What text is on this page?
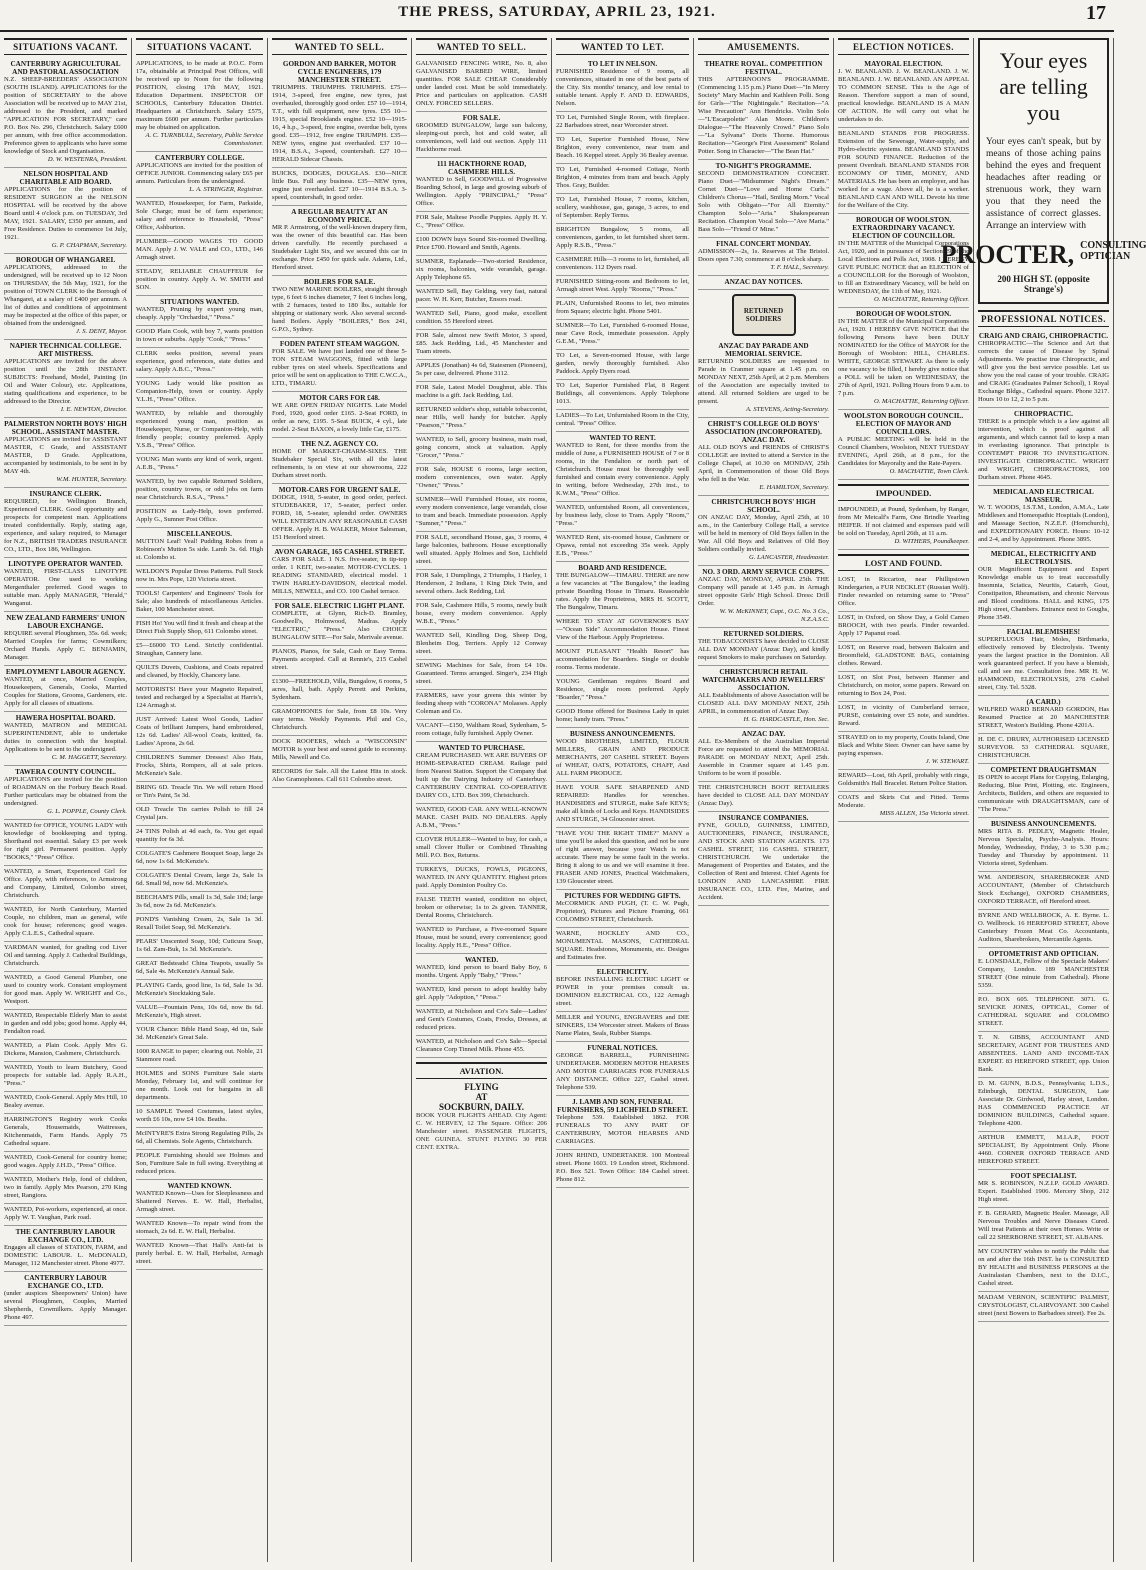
THE PRESS, SATURDAY, APRIL 23, 1921.	17
SITUATIONS VACANT.
CANTERBURY AGRICULTURAL AND PASTORAL ASSOCIATION
N.Z. SHEEP-BREEDERS' ASSOCIATION (SOUTH ISLAND). APPLICATIONS for the position of SECRETARY to the above Association will be received up to MAY 21st, addressed to the President, and marked "APPLICATION FOR SECRETARY," care P.O. Box No. 296, Christchurch. Salary £600 per annum, with free office accommodation. Preference given to applicants who have some knowledge of Stock and Organisation.
D. W. WESTENRA, President.
NELSON HOSPITAL AND CHARITABLE AID BOARD.
APPLICATIONS for the position of RESIDENT SURGEON at the NELSON HOSPITAL will be received by the above Board until 4 o'clock p.m. on TUESDAY, 3rd MAY, 1921. SALARY, £350 per annum, and Free Residence. Duties to commence 1st July, 1921.
G. P. CHAPMAN, Secretary.
BOROUGH OF WHANGAREI.
APPLICATIONS, addressed to the undersigned, will be received up to 12 Noon on THURSDAY, the 5th May, 1921, for the position of TOWN CLERK to the Borough of Whangarei, at a salary of £400 per annum. A list of duties and conditions of appointment may be inspected at the office of this paper, or obtained from the undersigned.
J. S. DENT, Mayor.
NAPIER TECHNICAL COLLEGE. ART MISTRESS.
APPLICATIONS are invited for the above position until the 28th INSTANT. SUBJECTS: Freehand, Model, Painting (in Oil and Water Colour), etc. Applications, stating qualifications and experience, to be addressed to the Director.
I. E. NEWTON, Director.
PALMERSTON NORTH BOYS' HIGH SCHOOL. ASSISTANT MASTER.
APPLICATIONS are invited for ASSISTANT MASTER, C Grade, and ASSISTANT MASTER, D Grade. Applications, accompanied by testimonials, to be sent in by MAY 4th.
W.M. HUNTER, Secretary.
INSURANCE CLERK.
REQUIRED, for Wellington Branch, Experienced CLERK. Good opportunity and prospects for competent man. Applications treated confidentially. Reply, stating age, experience, and salary required, to Manager for N.Z., BRITISH TRADERS INSURANCE CO., LTD., Box 186, Wellington.
LINOTYPE OPERATOR WANTED.
WANTED, FIRST-CLASS LINOTYPE OPERATOR. One used to working Mergenthaler preferred. Good wages to suitable man. Apply MANAGER, "Herald," Wanganui.
NEW ZEALAND FARMERS' UNION LABOUR EXCHANGE.
REQUIRE several Ploughmen, 35s. 6d. week; Married Couples for farms; Cowmilkers; Orchard Hands. Apply C. BENJAMIN, Manager.
EMPLOYMENT LABOUR AGENCY.
WANTED, at once, Married Couples, Housekeepers, Generals, Cooks, Married Couples for Stations, Grooms, Gardeners, etc. Apply for all classes of situations.
HAWERA HOSPITAL BOARD.
WANTED, MATRON and MEDICAL SUPERINTENDENT, able to undertake duties in connection with the hospital. Applications to be sent to the undersigned.
C. M. HAGGETT, Secretary.
TAWERA COUNTY COUNCIL.
APPLICATIONS are invited for the position of ROADMAN on the Forbury Beach Road. Further particulars may be obtained from the undersigned.
G. L. POPPLE, County Clerk.
WANTED for OFFICE, YOUNG LADY with knowledge of bookkeeping and typing. Shorthand not essential. Salary £3 per week for right girl. Permanent position. Apply "BOOKS," "Press" Office.
WANTED, a Smart, Experienced Girl for Office. Apply, with references, to Armstrong and Company, Limited, Colombo street, Christchurch.
WANTED, for North Canterbury, Married Couple, no children, man as general, wife cook for house; references; good wages. Apply C.L.E.S., Cathedral square.
YARDMAN wanted, for grading cod Liver Oil and tanning. Apply J. Cathedral Buildings, Christchurch.
WANTED, a Good General Plumber, one used to country work. Constant employment for good man. Apply W. WRIGHT and Co., Westport.
WANTED, Respectable Elderly Man to assist in garden and odd jobs; good home. Apply 44, Fendalton road.
WANTED, a Plain Cook. Apply Mrs G. Dickens, Mansion, Cashmere, Christchurch.
WANTED, Youth to learn Butchery, Good prospects for suitable lad. Apply R.A.H., "Press."
WANTED, Cook-General. Apply Mrs Hill, 10 Bealey avenue.
HARRINGTON'S Registry work Cooks Generals, Housemaids, Waitresses, Kitchenmaids, Farm Hands. Apply 75 Cathedral square.
WANTED, Cook-General for country home; good wages. Apply J.H.D., "Press" Office.
WANTED, Mother's Help, fond of children, two in family. Apply Mrs Pearson, 270 King street, Rangiora.
WANTED, Pot-workers, experienced, at once. Apply W. T. Vaughan, Park road.
THE CANTERBURY LABOUR EXCHANGE CO., LTD.
Engages all classes of STATION, FARM, and DOMESTIC LABOUR. L. McDONALD, Manager, 112 Manchester street. Phone 4977.
CANTERBURY LABOUR EXCHANGE CO., LTD.
(under auspices Sheepowners' Union) have several Ploughmen, Couples, Married Shepherds, Cowmilkers. Apply Manager. Phone 497.
SITUATIONS VACANT.
APPLICATIONS, to be made at P.O.C. Form 17a, obtainable at Principal Post Offices, will be received up to Noon for the following POSITION, closing 17th MAY, 1921. Education Department. INSPECTOR OF SCHOOLS, Canterbury Education District. Headquarters at Christchurch. Salary £575, maximum £600 per annum. Further particulars may be obtained on application.
A. C. TURNBULL, Secretary, Public Service Commissioner.
CANTERBURY COLLEGE.
APPLICATIONS are invited for the position of OFFICE JUNIOR. Commencing salary £65 per annum. Particulars from the undersigned.
L. A. STRINGER, Registrar.
WANTED, Housekeeper, for Farm, Parkside, Sole Charge; must be of farm experience; salary and reference to Household, "Press" Office, Ashburton.
PLUMBER—GOOD WAGES TO GOOD MAN. Apply J. W. VALE and CO., LTD., 146 Armagh street.
STEADY, RELIABLE CHAUFFEUR for position in country. Apply A. W. SMITH and SON.
SITUATIONS WANTED.
WANTED, Pruning by expert young man, cheaply. Apply "Orchardist," "Press."
GOOD Plain Cook, with boy 7, wants position in town or suburbs. Apply "Cook," "Press."
CLERK seeks position, several years experience, good references, state duties and salary. Apply A.B.C., "Press."
YOUNG Lady would like position as Companion-Help, town or country. Apply Y.L.H., "Press" Office.
WANTED, by reliable and thoroughly experienced young man, position as Housekeeper, Nurse, or Companion-Help, with friendly people; country preferred. Apply Y.S.B., "Press" Office.
YOUNG Man wants any kind of work, urgent. A.E.B., "Press."
WANTED, by two capable Returned Soldiers, position, country towns, or odd jobs on farm near Christchurch. R.S.A., "Press."
POSITION as Lady-Help, town preferred. Apply G., Sumner Post Office.
MISCELLANEOUS.
MUTTON Leaf! Veal! Pudding Robes from a Robinson's Mutton 5s side. Lamb 3s. 6d. High st. Colombo st.
WELDON'S Popular Dress Patterns. Full Stock now in. Mrs Pope, 120 Victoria street.
TOOLS! Carpenters' and Engineers' Tools for Sale; also hundreds of miscellaneous Articles. Baker, 100 Manchester street.
FISH Ho! You will find it fresh and cheap at the Direct Fish Supply Shop, 611 Colombo street.
£5—£6000 TO Lend. Strictly confidential. Straughan, Cannery lane.
QUILTS Duvets, Cushions, and Coats repaired and cleaned, by Hockly, Chancery lane.
MOTORISTS! Have your Magneto Repaired, tested and recharged by a Specialist at Harris's, 124 Armagh st.
JUST Arrived: Latest Wool Goods, Ladies' Coats of brilliant Jumpers, hand embroidered, 12s 6d. Ladies' All-wool Coats, knitted, 6s. Ladies' Aprons, 2s 6d.
CHILDREN'S Summer Dresses! Also Hats, Frocks, Shirts, Rompers, all at sale prices. McKenzie's Sale.
BRING 6D. Treacle Tin. We will return Hood or Tin's Paint, 5s 3d.
OLD Treacle Tin carries Polish to fill 24 Crystal jars.
24 TINS Polish at 4d each, 6s. You get equal quantity for 6s 3d.
COLGATE'S Cashmere Bouquet Soap, large 2s 6d, now 1s 6d. McKenzie's.
COLGATE'S Dental Cream, large 2s, Sale 1s 6d. Small 9d, now 6d. McKenzie's.
BEECHAM'S Pills, small 1s 3d, Sale 10d; large 3s 6d, now 2s 6d. McKenzie's.
POND'S Vanishing Cream, 2s, Sale 1s 3d. Rexall Toilet Soap, 9d. McKenzie's.
PEARS' Unscented Soap, 10d; Cuticura Soap, 1s 6d. Zam-Buk, 1s 3d. McKenzie's.
GREAT Bedsteads! China Teapots, usually 5s 6d, Sale 4s. McKenzie's Annual Sale.
PLAYING Cards, good line, 1s 6d, Sale 1s 3d. McKenzie's Stocktaking Sale.
VALUE—Fountain Pens, 10s 6d, now 8s 6d. McKenzie's, High street.
YOUR Chance: Bible Hand Soap, 4d tin, Sale 3d. McKenzie's Great Sale.
1000 RANGE to paper; clearing out. Noble, 21 Stanmore road.
HOLMES and SONS Furniture Sale starts Monday, February 1st, and will continue for one month. Look out for bargains in all departments.
10 SAMPLE Tweed Costumes, latest styles, worth £6 10s, now £4 10s. Beaths.
McINTYRE'S Extra Strong Regulating Pills, 2s 6d, all Chemists. Sole Agents, Christchurch.
PEOPLE Furnishing should see Holmes and Son, Furniture Sale in full swing. Everything at reduced prices.
WANTED KNOWN.
WANTED Known—Uses for Sleeplessness and Shattered Nerves. E. W. Hall, Herbalist, Armagh street.
WANTED Known—To repair wind from the stomach, 2s 6d. E. W. Hall, Herbalist.
WANTED Known—That Hall's Anti-fat is purely herbal. E. W. Hall, Herbalist, Armagh street.
WANTED TO SELL.
GORDON AND BARKER, MOTOR CYCLE ENGINEERS, 179 MANCHESTER STREET.
TRIUMPHS. TRIUMPHS. TRIUMPHS. £75—1914, 3-speed, free engine, new tyres, just overhauled, thoroughly good order. £57 10—1914, T.T., with full equipment, new tyres. £55 10—1915, special Brooklands engine. £52 10—1915-16, 4 h.p., 3-speed, free engine, overdue belt, tyres good. £35—1912, free engine TRIUMPH. £35—NEW tyres, engine just overhauled. £37 10—1914, B.S.A., 3-speed, countershaft. £27 10—HERALD Sidecar Chassis.
BUICKS, DODGES, DOUGLAS. £30—NICE little Bus. Full any business. £35—NEW tyres, engine just overhauled. £27 10—1914 B.S.A. 3-speed, countershaft, in good order.
A REGULAR BEAUTY AT AN ECONOMY PRICE.
MR P. Armstrong, of the well-known drapery firm, was the owner of this beautiful car. Has been driven carefully. He recently purchased a Studebaker Light Six, and we secured this car in exchange. Price £450 for quick sale. Adams, Ltd., Hereford street.
BOILERS FOR SALE.
TWO NEW MARINE BOILERS, straight through type, 6 feet 6 inches diameter, 7 feet 6 inches long, with 2 furnaces, tested to 180 lbs., suitable for shipping or stationary work. Also several second-hand Boilers. Apply "BOILERS," Box 241, G.P.O., Sydney.
FODEN PATENT STEAM WAGGON.
FOR SALE. We have just landed one of these 5-TON STEAM WAGGONS, fitted with large rubber tyres on steel wheels. Specifications and price will be sent on application to THE C.W.C.A., LTD., TIMARU.
MOTOR CARS FOR £48.
WE ARE OPEN FRIDAY NIGHTS. Late Model Ford, 1920, good order £165. 2-Seat FORD, in order as new, £195. 5-Seat BUICK, 4 cyl., late model. 2-Seat BAXON, a lovely little Car, £175.
THE N.Z. AGENCY CO.
HOME OF MARKET-CHARM-SIXES. THE Studebaker Special Six, with all the latest refinements, is on view at our showrooms, 222 Durham street north.
MOTOR-CARS FOR URGENT SALE.
DODGE, 1918, 5-seater, in good order, perfect. STUDEBAKER, 17, 5-seater, perfect order. FORD, 18, 5-seater, splendid order. OWNERS WILL ENTERTAIN ANY REASONABLE CASH OFFER. Apply H. B. WALKER, Motor Salesman, 151 Hereford street.
AVON GARAGE, 165 CASHEL STREET.
CARS FOR SALE. 1 N.S. five-seater, in tip-top order. 1 KEIT, two-seater. MOTOR-CYCLES. 1 READING STANDARD, electrical model. 1 TWIN HARLEY-DAVIDSON, electrical model. MILLS, NEWELL, and CO. 100 Cashel terrace.
FOR SALE. ELECTRIC LIGHT PLANT.
COMPLETE, at Glynn, Rich-D. Bramley, Goodwell's, Holmwood, Madras. Apply "ELECTRIC," "Press." Also CHOICE BUNGALOW SITE—For Sale, Merivale avenue.
PIANOS, Pianos, for Sale, Cash or Easy Terms. Payments accepted. Call at Rennie's, 215 Cashel street.
£1300—FREEHOLD, Villa, Bungalow, 6 rooms, 5 acres, hall, bath. Apply Perrett and Perkins, Sydenham.
GRAMOPHONES for Sale, from £8 10s. Very easy terms. Weekly Payments. Phil and Co., Christchurch.
DOCK ROOFERS, which a "WISCONSIN" MOTOR is your best and surest guide to economy. Mills, Newell and Co.
RECORDS for Sale. All the Latest Hits in stock. Also Gramophones. Call 611 Colombo street.
WANTED TO SELL.
GALVANISED FENCING WIRE, No. 8, also GALVANISED BARBED WIRE, limited quantities. FOR SALE CHEAP. Considerably under landed cost. Must be sold immediately. Price and particulars on application. CASH ONLY. FORCED SELLERS.
FOR SALE.
6ROOMED BUNGALOW, large sun balcony, sleeping-out porch, hot and cold water, all conveniences, well laid out section. Apply 111 Hackthorne road.
111 HACKTHORNE ROAD, CASHMERE HILLS.
WANTED to Sell, GOODWILL of Progressive Boarding School, in large and growing suburb of Wellington. Apply "PRINCIPAL," "Press" Office.
FOR Sale, Maltese Poodle Puppies. Apply H. Y. C., "Press" Office.
£100 DOWN buys Sound Six-roomed Dwelling. Price £700. Howard and Smith, Agents.
SUMNER, Esplanade—Two-storied Residence, six rooms, balconies, wide verandah, garage. Apply Telephone 65.
WANTED Sell, Bay Gelding, very fast, natural pacer. W. H. Kerr, Butcher, Ensors road.
WANTED Sell, Piano, good make, excellent condition. 55 Hereford street.
FOR Sale, almost new Swift Motor, 3 speed, £85. Jack Redding, Ltd., 45 Manchester and Tuam streets.
APPLES (Jonathan) 4s 6d, Statesmen (Pioneers), 5s per case, delivered. Phone 3112.
FOR Sale, Latest Model Doughnut, able. This machine is a gift. Jack Redding, Ltd.
RETURNED soldier's shop, suitable tobacconist, near Hills, well handy for butcher. Apply "Pearson," "Press."
WANTED, to Sell, grocery business, main road, going concern, stock at valuation. Apply "Grocer," "Press."
FOR Sale, HOUSE 6 rooms, large section, modern conveniences, own water. Apply "Owner," "Press."
SUMNER—Well Furnished House, six rooms, every modern convenience, large verandah, close to tram and beach. Immediate possession. Apply "Sumner," "Press."
FOR SALE, secondhand House, gas, 3 rooms, 4 large balconies, bathroom. House exceptionally well situated. Apply Holmes and Son, Lichfield street.
FOR Sale, 1 Dumplings, 2 Triumphs, 1 Harley, 1 Henderson, 2 Indians, 1 King Dick Twin, and several others. Jack Redding, Ltd.
FOR Sale, Cashmere Hills, 5 rooms, newly built house, every modern convenience. Apply W.B.E., "Press."
WANTED Sell, Kindling Dog, Sheep Dog, Blenheim Dog, Terriers. Apply 12 Conway street.
SEWING Machines for Sale, from £4 10s. Guaranteed. Terms arranged. Singer's, 234 High street.
FARMERS, save your greens this winter by feeding sheep with "CORONA" Molasses. Apply Coleman and Co.
VACANT—£150, Waltham Road, Sydenham, 5-room cottage, fully furnished. Apply Owner.
WANTED TO PURCHASE.
CREAM PURCHASED. WE ARE BUYERS OF HOME-SEPARATED CREAM. Railage paid from Nearest Station. Support the Company that built up the Dairying Industry of Canterbury. CANTERBURY CENTRAL CO-OPERATIVE DAIRY CO., LTD. Box 399, Christchurch.
WANTED, GOOD CAR. ANY WELL-KNOWN MAKE. CASH PAID. NO DEALERS. Apply A.B.M., "Press."
CLOVER HULLER—Wanted to buy, for cash, a small Clover Huller or Combined Thrashing Mill. P.O. Box, Returns.
TURKEYS, DUCKS, FOWLS, PIGEONS, WANTED. IN ANY QUANTITY. Highest prices paid. Apply Dominion Poultry Co.
FALSE TEETH wanted, condition no object, broken or otherwise; 1s to 2s given. TANNER, Dental Rooms, Christchurch.
WANTED to Purchase, a Five-roomed Square House, must be sound, every convenience; good locality. Apply H.E., "Press" Office.
WANTED.
WANTED, kind person to board Baby Boy, 6 months. Urgent. Apply "Baby," "Press."
WANTED, kind person to adopt healthy baby girl. Apply "Adoption," "Press."
WANTED, at Nicholson and Co's Sale—Ladies' and Gent's Costumes, Coats, Frocks, Dresses, at reduced prices.
WANTED, at Nicholson and Co's Sale—Special Clearance Corp Tinned Milk. Phone 455.
AVIATION.
FLYING
AT
SOCKBURN, DAILY.
BOOK YOUR FLIGHTS AHEAD. City Agent: C. W. HERVEY, 12 The Square. Office: 206 Manchester street. PASSENGER FLIGHTS, ONE GUINEA. STUNT FLYING 30 PER CENT. EXTRA.
WANTED TO LET.
TO LET IN NELSON.
FURNISHED Residence of 9 rooms, all conveniences, situated in one of the best parts of the City. Six months' tenancy, and low rental to suitable tenant. Apply F. AND D. EDWARDS, Nelson.
TO Let, Furnished Single Room, with fireplace. 22 Barbadoes street, near Worcester street.
TO Let, Superior Furnished House, New Brighton, every convenience, near tram and Beach. 16 Keppel street. Apply 36 Bealey avenue.
TO Let, Furnished 4-roomed Cottage, North Brighton, 4 minutes from tram and beach. Apply Thos. Gray, Builder.
TO Let, Furnished House, 7 rooms, kitchen, scullery, washhouse, gas, garage, 3 acres, to end of September. Reply Terms.
BRIGHTON Bungalow, 5 rooms, all conveniences, garden, to let furnished short term. Apply R.S.B., "Press."
CASHMERE Hills—3 rooms to let, furnished, all conveniences. 112 Dyers road.
FURNISHED Sitting-room and Bedroom to let, Armagh street West. Apply "Rooms," "Press."
PLAIN, Unfurnished Rooms to let, two minutes from Square; electric light. Phone 5401.
SUMNER—To Let, Furnished 6-roomed House, near Cave Rock, immediate possession. Apply G.E.M., "Press."
TO Let, a Seven-roomed House, with large garden, newly thoroughly furnished. Also Paddock. Apply Dyers road.
TO Let, Superior Furnished Flat, 8 Regent Buildings, all conveniences. Apply Telephone 1013.
LADIES—To Let, Unfurnished Room in the City, central. "Press" Office.
WANTED TO RENT.
WANTED to Rent, for three months from the middle of June, a FURNISHED HOUSE of 7 or 8 rooms, in the Fendalton or north part of Christchurch. House must be thoroughly well furnished and contain every convenience. Apply in writing, before Wednesday, 27th inst., to K.W.M., "Press" Office.
WANTED, unfurnished Room, all conveniences, by business lady, close to Tram. Apply "Room," "Press."
WANTED Rent, six-roomed house, Cashmere or Opawa, rental not exceeding 35s week. Apply E.B., "Press."
BOARD AND RESIDENCE.
THE BUNGALOW—TIMARU. THERE are now a few vacancies at "The Bungalow," the leading private Boarding House in Timaru. Reasonable rates. Apply the Proprietress, MRS H. SCOTT, The Bungalow, Timaru.
WHERE TO STAY AT GOVERNOR'S BAY—"Ocean Side" Accommodation House. Finest View of the Harbour. Apply Proprietress.
MOUNT PLEASANT "Health Resort" has accommodation for Boarders. Single or double rooms. Terms moderate.
YOUNG Gentleman requires Board and Residence, single room preferred. Apply "Boarder," "Press."
GOOD Home offered for Business Lady in quiet home; handy tram. "Press."
BUSINESS ANNOUNCEMENTS.
WOOD BROTHERS, LIMITED, FLOUR MILLERS, GRAIN AND PRODUCE MERCHANTS, 207 CASHEL STREET. Buyers of WHEAT, OATS, POTATOES, CHAFF, And ALL FARM PRODUCE.
HAVE YOUR SAFE SHARPENED AND REPAIRED: Handles for wrenches. HANDISIDES and STURGE, make Safe KEYS; make all kinds of Locks and Keys. HANDISIDES AND STURGE, 34 Gloucester street.
"HAVE YOU THE RIGHT TIME?" MANY a time you'll be asked this question, and not be sure of right answer, because your Watch is not accurate. There may be some fault in the works. Bring it along to us and we will examine it free. FRASER AND JONES, Practical Watchmakers, 139 Gloucester street.
PICTURES FOR WEDDING GIFTS.
McCORMICK AND PUGH, (T. C. W. Pugh, Proprietor), Pictures and Picture Framing, 661 COLOMBO STREET, Christchurch.
WARNE, HOCKLEY AND CO., MONUMENTAL MASONS, CATHEDRAL SQUARE. Headstones, Monuments, etc. Designs and Estimates free.
ELECTRICITY.
BEFORE INSTALLING ELECTRIC LIGHT or POWER in your premises consult us. DOMINION ELECTRICAL CO., 122 Armagh street.
MILLER and YOUNG, ENGRAVERS and DIE SINKERS, 134 Worcester street. Makers of Brass Name Plates, Seals, Rubber Stamps.
FUNERAL NOTICES.
GEORGE BARRELL, FURNISHING UNDERTAKER. MODERN MOTOR HEARSES AND MOTOR CARRIAGES FOR FUNERALS ANY DISTANCE. Office 227, Cashel street. Telephone 539.
J. LAMB AND SON, FUNERAL FURNISHERS, 59 LICHFIELD STREET.
Telephone 539. Established 1862. FOR FUNERALS TO ANY PART OF CANTERBURY, MOTOR HEARSES AND CARRIAGES.
JOHN RHIND, UNDERTAKER. 100 Montreal street. Phone 1603. 19 London street, Richmond. P.O. Box 521. Town Office: 184 Cashel street. Phone 812.
AMUSEMENTS.
THEATRE ROYAL. COMPETITION FESTIVAL.
THIS AFTERNOON'S PROGRAMME. (Commencing 1.15 p.m.) Piano Duet—"In Merry Society" Mary Machin and Kathleen Polli. Song for Girls—"The Nightingale." Recitation—"A Wise Precaution" Ann Hendricks. Violin Solo—"L'Escarpolette" Alan Moore. Children's Dialogue—"The Heavenly Crowd." Piano Solo—"La Sylvana" Doris Thorne. Humorous Recitation—"George's First Assessment" Roland Potter. Song in Character—"The Bean Hat."
TO-NIGHT'S PROGRAMME.
SECOND DEMONSTRATION CONCERT. Piano Duet—"Midsummer Night's Dream." Cornet Duet—"Love and Home Curls." Children's Chorus—"Hail, Smiling Morn." Vocal Solo with Obligato—"For All Eternity." Champion Solo—"Aria." Shakespearean Recitation. Champion Vocal Solo—"Ave Maria." Bass Solo—"Friend O' Mine."
FINAL CONCERT MONDAY.
ADMISSION—2s, 1s. Reserves at The Bristol. Doors open 7.30; commence at 8 o'clock sharp.
T. F. HALL, Secretary.
ANZAC DAY NOTICES.
RETURNED SOLDIERS
ANZAC DAY PARADE AND MEMORIAL SERVICE.
RETURNED SOLDIERS are requested to Parade in Cranmer square at 1.45 p.m. on MONDAY NEXT, 25th April, at 2 p.m. Members of the Association are especially invited to attend. All returned Soldiers are urged to be present.
A. STEVENS, Acting-Secretary.
CHRIST'S COLLEGE OLD BOYS' ASSOCIATION (INCORPORATED). ANZAC DAY.
ALL OLD BOYS and FRIENDS of CHRIST'S COLLEGE are invited to attend a Service in the College Chapel, at 10.30 on MONDAY, 25th April, in Commemoration of those Old Boys who fell in the War.
E. HAMILTON, Secretary.
CHRISTCHURCH BOYS' HIGH SCHOOL.
ON ANZAC DAY, Monday, April 25th, at 10 a.m., in the Canterbury College Hall, a service will be held in memory of Old Boys fallen in the War. All Old Boys and Relatives of Old Boy Soldiers cordially invited.
G. LANCASTER, Headmaster.
NO. 3 ORD. ARMY SERVICE CORPS.
ANZAC DAY, MONDAY, APRIL 25th. THE Company will parade at 1.45 p.m. in Armagh street opposite Girls' High School. Dress: Drill Order.
W. W. McKINNEY, Capt., O.C. No. 3 Co., N.Z.A.S.C.
RETURNED SOLDIERS.
THE TOBACCONISTS have decided to CLOSE ALL DAY MONDAY (Anzac Day), and kindly request Smokers to make purchases on Saturday.
CHRISTCHURCH RETAIL WATCHMAKERS AND JEWELLERS' ASSOCIATION.
ALL Establishments of above Association will be CLOSED ALL DAY MONDAY NEXT, 25th APRIL, in commemoration of Anzac Day.
H. G. HARDCASTLE, Hon. Sec.
ANZAC DAY.
ALL Ex-Members of the Australian Imperial Force are requested to attend the MEMORIAL PARADE on MONDAY NEXT, April 25th. Assemble in Cranmer square at 1.45 p.m. Uniform to be worn if possible.
THE CHRISTCHURCH BOOT RETAILERS have decided to CLOSE ALL DAY MONDAY (Anzac Day).
INSURANCE COMPANIES.
FYNE, GOULD, GUINNESS, LIMITED, AUCTIONEERS, FINANCE, INSURANCE, AND STOCK AND STATION AGENTS. 173 CASHEL STREET, 116 CASHEL STREET, CHRISTCHURCH. We undertake the Management of Properties and Estates, and the Collection of Rent and Interest. Chief Agents for LONDON AND LANCASHIRE FIRE INSURANCE CO., LTD. Fire, Marine, and Accident.
ELECTION NOTICES.
MAYORAL ELECTION.
J. W. BEANLAND. J. W. BEANLAND. J. W. BEANLAND. J. W. BEANLAND. AN APPEAL TO COMMON SENSE. This is the Age of Reason. Therefore support a man of sound, practical knowledge. BEANLAND IS A MAN OF ACTION. He will carry out what he undertakes to do.
BEANLAND STANDS FOR PROGRESS. Extension of the Sewerage, Water-supply, and Hydro-electric systems. BEANLAND STANDS FOR SOUND FINANCE. Reduction of the present Overdraft. BEANLAND STANDS FOR ECONOMY OF TIME, MONEY, AND MATERIALS. He has been an employer, and has worked for a wage. Above all, he is a worker. BEANLAND CAN AND WILL Devote his time for the Welfare of the City.
BOROUGH OF WOOLSTON. EXTRAORDINARY VACANCY. ELECTION OF COUNCILLOR.
IN THE MATTER of the Municipal Corporations Act, 1920, and in pursuance of Section 29 of the Local Elections and Polls Act, 1908. I HEREBY GIVE PUBLIC NOTICE that an ELECTION of a COUNCILLOR for the Borough of Woolston, to fill an Extraordinary Vacancy, will be held on WEDNESDAY, the 11th of May, 1921.
O. MACHATTIE, Returning Officer.
BOROUGH OF WOOLSTON.
IN THE MATTER of the Municipal Corporations Act, 1920. I HEREBY GIVE NOTICE that the following Persons have been DULY NOMINATED for the Office of MAYOR for the Borough of Woolston: HILL, CHARLES. WHITE, GEORGE STEWART. As there is only one vacancy to be filled, I hereby give notice that a POLL will be taken on WEDNESDAY, the 27th of April, 1921. Polling Hours from 9 a.m. to 7 p.m.
O. MACHATTIE, Returning Officer.
WOOLSTON BOROUGH COUNCIL. ELECTION OF MAYOR AND COUNCILLORS.
A PUBLIC MEETING will be held in the Council Chambers, Woolston, NEXT TUESDAY EVENING, April 26th, at 8 p.m., for the Candidates for Mayoralty and the Rate-Payers.
O. MACHATTIE, Town Clerk.
IMPOUNDED.
IMPOUNDED, at Pound, Sydenham, by Ranger, from Mr Metcalf's Farm, One Brindle Yearling HEIFER. If not claimed and expenses paid will be sold on Tuesday, April 26th, at 11 a.m.
D. WITHERS, Poundkeeper.
LOST AND FOUND.
LOST, in Riccarton, near Phillipstown Kindergarten, a FUR NECKLET (Russian Wolf). Finder rewarded on returning same to "Press" Office.
LOST, in Oxford, on Show Day, a Gold Cameo BROOCH, with two pearls. Finder rewarded. Apply 17 Papanui road.
LOST, on Reserve road, between Balcairn and Broomfield, GLADSTONE BAG, containing clothes. Reward.
LOST, on Slot Post, between Hanmer and Christchurch, on motor, some papers. Reward on returning to Box 24, Post.
LOST, in vicinity of Cumberland terrace, PURSE, containing over £5 note, and sundries. Reward.
STRAYED on to my property, Coutts Island, One Black and White Steer. Owner can have same by paying expenses.
J. W. STEWART.
REWARD—Lost, 6th April, probably with rings, Goldsmith's Hall Bracelet. Return Police Station.
COATS and Skirts Cut and Fitted. Terms Moderate.
MISS ALLEN, 15a Victoria street.
Your eyes are telling you
Your eyes can't speak, but by means of those aching pains behind the eyes and frequent headaches after reading or strenuous work, they warn you that they need the assistance of correct glasses. Arrange an interview with
PROCTER, CONSULTING
OPTICIAN
200 HIGH ST. (opposite Strange's)
PROFESSIONAL NOTICES.
CRAIG AND CRAIG, CHIROPRACTIC.
CHIROPRACTIC—The Science and Art that corrects the cause of Disease by Spinal Adjustments. We practise true Chiropractic, and will give you the best service possible. Let us show you the real cause of your trouble. CRAIG and CRAIG (Graduates Palmer School), 1 Royal Exchange Bldgs., Cathedral square. Phone 3217. Hours 10 to 12, 2 to 5 p.m.
CHIROPRACTIC.
THERE is a principle which is a law against all intervention, which is proof against all arguments, and which cannot fail to keep a man in everlasting ignorance. That principle is CONTEMPT PRIOR TO INVESTIGATION. INVESTIGATE CHIROPRACTIC. WRIGHT and WRIGHT, CHIROPRACTORS, 100 Durham street. Phone 4645.
MEDICAL AND ELECTRICAL MASSEUR.
W. T. WOODS, I.S.T.M., London, A.M.A., Late Middlesex and Homeopathic Hospitals (London), and Massage Section, N.Z.E.F. (Hornchurch), and EXPEDITIONARY FORCE. Hours: 10-12 and 2-4, and by Appointment. Phone 3895.
MEDICAL, ELECTRICITY AND ELECTROLYSIS.
OUR Magnificent Equipment and Expert Knowledge enable us to treat successfully Insomnia, Sciatica, Neuritis, Catarrh, Gout, Constipation, Rheumatism, and chronic Nervous and Blood conditions. HALL and KING, 175 High street, Chambers. Entrance next to Goughs, Phone 3549.
FACIAL BLEMISHES!
SUPERFLUOUS Hair, Moles, Birthmarks, effectively removed by Electrolysis. Twenty years the largest practice in the Dominion. All work guaranteed perfect. If you have a blemish, call and see me. Consultation free. MR H. W. HAMMOND, ELECTROLYSIS, 278 Cashel street, City. Tel. 5328.
(A CARD.)
WILFRED WARD BERNARD GORDON, Has Resumed Practice at 20 MANCHESTER STREET, Weston's Building. Phone 4201A.
H. DE C. DRURY, AUTHORISED LICENSED SURVEYOR. 53 CATHEDRAL SQUARE, CHRISTCHURCH.
COMPETENT DRAUGHTSMAN
IS OPEN to accept Plans for Copying, Enlarging, Reducing, Blue Print, Plotting, etc. Engineers, Architects, Builders, and others are requested to communicate with DRAUGHTSMAN, care of "The Press."
BUSINESS ANNOUNCEMENTS.
MRS RITA B. PEDLEY, Magnetic Healer, Nervous Specialist, Psycho-Analysis. Hours: Monday, Wednesday, Friday, 3 to 5.30 p.m.; Tuesday and Thursday by appointment. 11 Victoria street, Sydenham.
WM. ANDERSON, SHAREBROKER AND ACCOUNTANT, (Member of Christchurch Stock Exchange), OXFORD CHAMBERS, OXFORD TERRACE, off Hereford street.
BYRNE AND WELLBROCK, A. E. Byrne. L. O. Wellbrock. 16 HEREFORD STREET, Above Canterbury Frozen Meat Co. Accountants, Auditors, Sharebrokers, Mercantile Agents.
OPTOMETRIST AND OPTICIAN.
E. LONSDALE, Fellow of the Spectacle Makers' Company, London. 189 MANCHESTER STREET (One minute from Cathedral). Phone 5359.
P.O. BOX 605. TELEPHONE 3071. G. SEVICKE JONES, OPTICAL, Corner of CATHEDRAL SQUARE and COLOMBO STREET.
T. N. GIBBS, ACCOUNTANT AND SECRETARY, AGENT FOR TRUSTEES AND ABSENTEES. LAND AND INCOME-TAX EXPERT. 83 HEREFORD STREET, opp. Union Bank.
D. M. GUNN, B.D.S., Pennsylvania; L.D.S., Edinburgh, DENTAL SURGEON, Late Associate Dr. Girdwood, Harley street, London. HAS COMMENCED PRACTICE AT DOMINION BUILDINGS, Cathedral square. Telephone 4200.
ARTHUR EMMETT, M.I.A.P., FOOT SPECIALIST, By Appointment Only. Phone 4460. CORNER OXFORD TERRACE AND HEREFORD STREET.
FOOT SPECIALIST.
MR S. ROBINSON, N.Z.I.P. GOLD AWARD. Expert. Established 1906. Mercery Shop, 212 High street.
F. B. GERARD, Magnetic Healer. Massage, All Nervous Troubles and Nerve Diseases Cured. Will treat Patients at their own Homes. Write or call 22 SHERBORNE STREET, ST. ALBANS.
MY COUNTRY wishes to notify the Public that on and after the 16th INST. he is CONSULTED BY HEALTH and BUSINESS PERSONS at the Australasian Chambers, next to the D.I.C., Cashel street.
MADAM VERNON, SCIENTIFIC PALMIST, CRYSTOLOGIST, CLAIRVOYANT. 300 Cashel street (next Bowers to Barbadoes street). Fee 2s.
